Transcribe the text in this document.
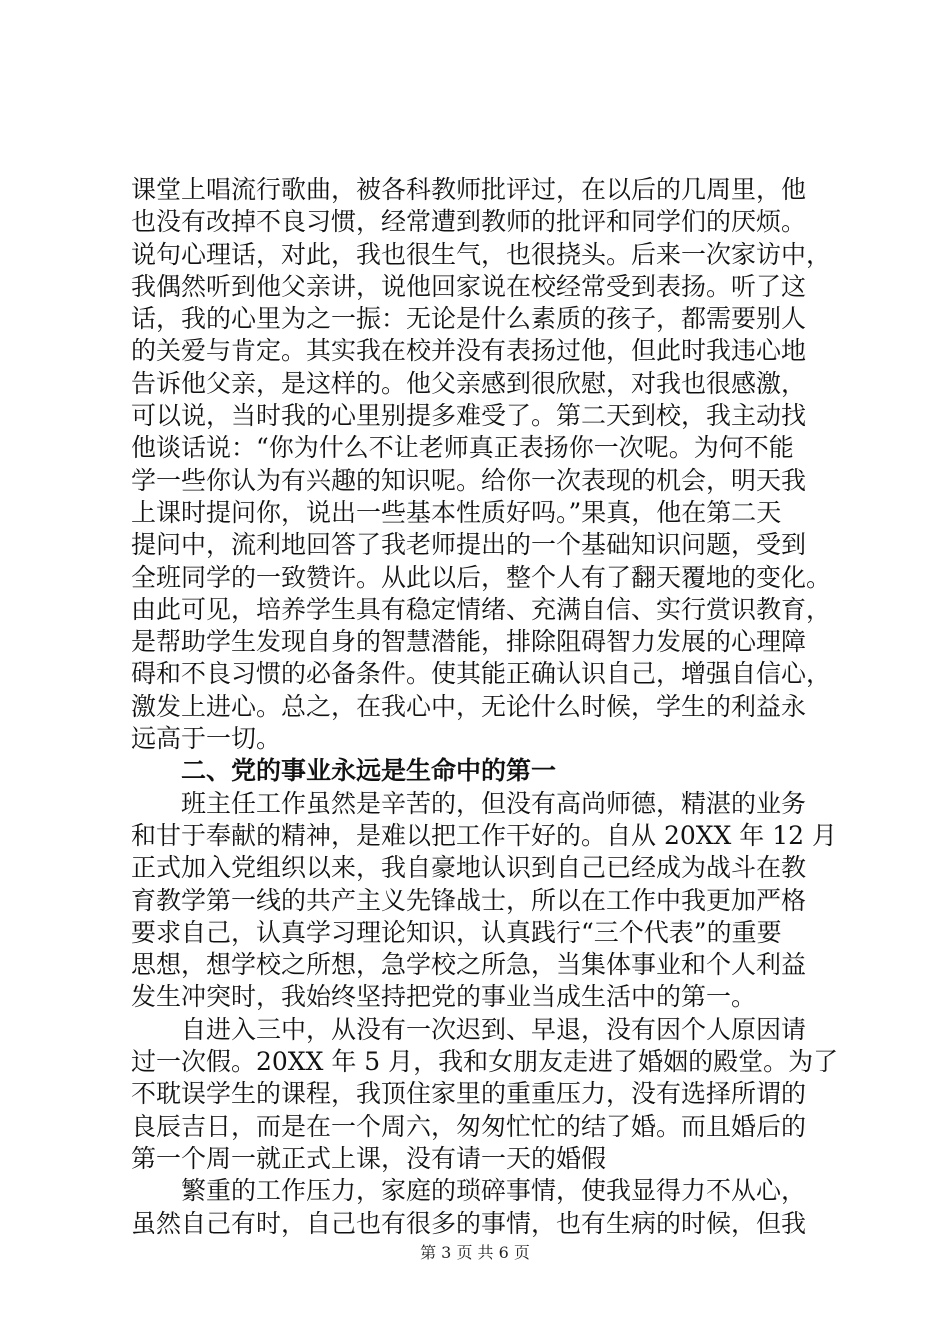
课堂上唱流行歌曲，被各科教师批评过，在以后的几周里，他
也没有改掉不良习惯，经常遭到教师的批评和同学们的厌烦。
说句心理话，对此，我也很生气，也很挠头。后来一次家访中，
我偶然听到他父亲讲，说他回家说在校经常受到表扬。听了这
话，我的心里为之一振：无论是什么素质的孩子，都需要别人
的关爱与肯定。其实我在校并没有表扬过他，但此时我违心地
告诉他父亲，是这样的。他父亲感到很欣慰，对我也很感激，
可以说，当时我的心里别提多难受了。第二天到校，我主动找
他谈话说：“你为什么不让老师真正表扬你一次呢。为何不能
学一些你认为有兴趣的知识呢。给你一次表现的机会，明天我
上课时提问你，说出一些基本性质好吗。”果真，他在第二天
提问中，流利地回答了我老师提出的一个基础知识问题，受到
全班同学的一致赞许。从此以后，整个人有了翻天覆地的变化。
由此可见，培养学生具有稳定情绪、充满自信、实行赏识教育，
是帮助学生发现自身的智慧潜能，排除阻碍智力发展的心理障
碍和不良习惯的必备条件。使其能正确认识自己，增强自信心，
激发上进心。总之，在我心中，无论什么时候，学生的利益永
远高于一切。
　　二、党的事业永远是生命中的第一
　　班主任工作虽然是辛苦的，但没有高尚师德，精湛的业务
和甘于奉献的精神，是难以把工作干好的。自从 20XX 年 12 月
正式加入党组织以来，我自豪地认识到自己已经成为战斗在教
育教学第一线的共产主义先锋战士，所以在工作中我更加严格
要求自己，认真学习理论知识，认真践行“三个代表”的重要
思想，想学校之所想，急学校之所急，当集体事业和个人利益
发生冲突时，我始终坚持把党的事业当成生活中的第一。
　　自进入三中，从没有一次迟到、早退，没有因个人原因请
过一次假。20XX 年 5 月，我和女朋友走进了婚姻的殿堂。为了
不耽误学生的课程，我顶住家里的重重压力，没有选择所谓的
良辰吉日，而是在一个周六，匆匆忙忙的结了婚。而且婚后的
第一个周一就正式上课，没有请一天的婚假
　　繁重的工作压力，家庭的琐碎事情，使我显得力不从心，
虽然自己有时，自己也有很多的事情，也有生病的时候，但我
第 3 页 共 6 页
